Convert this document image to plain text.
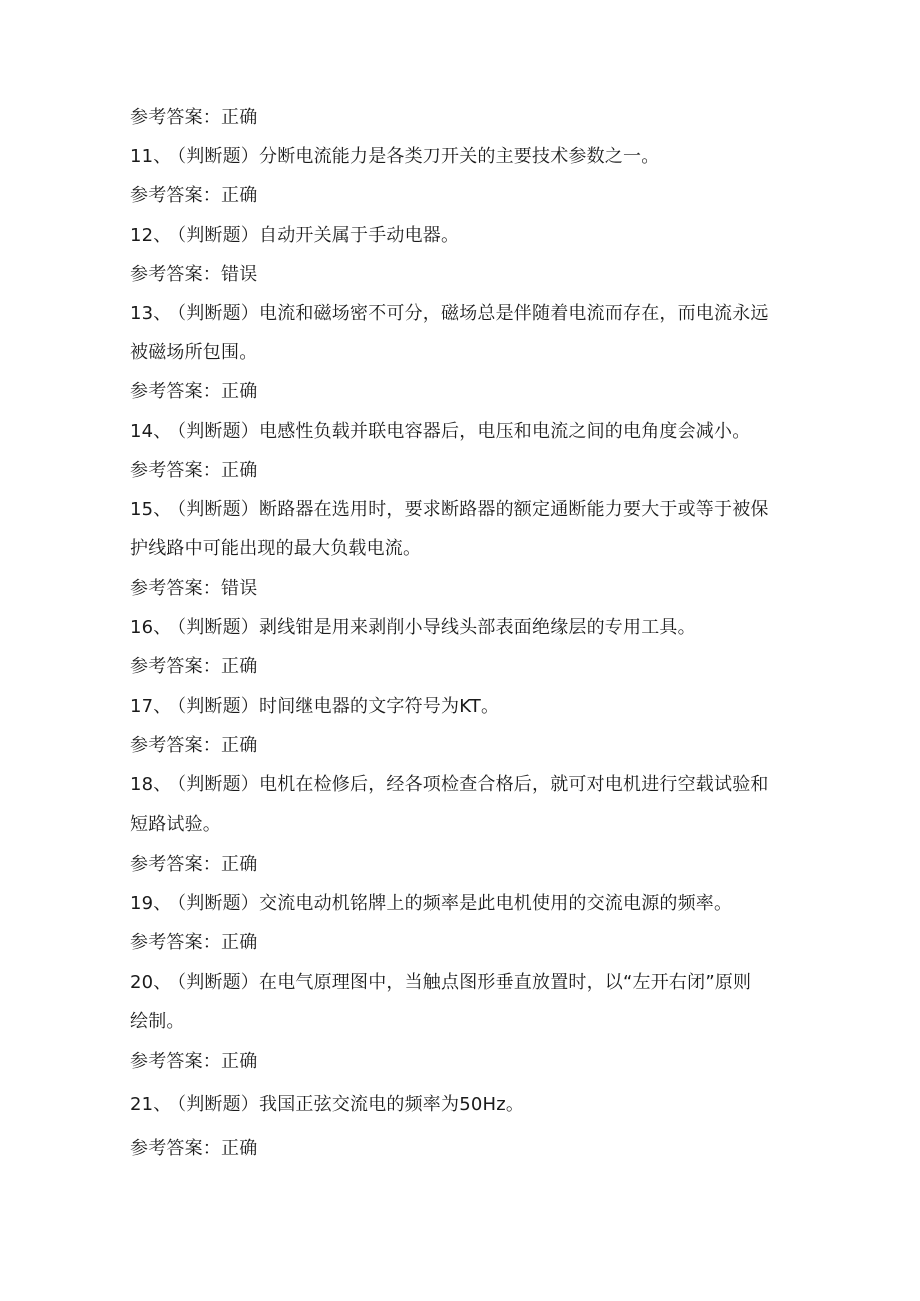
参考答案：正确
11、（判断题）分断电流能力是各类刀开关的主要技术参数之一。
参考答案：正确
12、（判断题）自动开关属于手动电器。
参考答案：错误
13、（判断题）电流和磁场密不可分，磁场总是伴随着电流而存在，而电流永远
被磁场所包围。
参考答案：正确
14、（判断题）电感性负载并联电容器后，电压和电流之间的电角度会减小。
参考答案：正确
15、（判断题）断路器在选用时，要求断路器的额定通断能力要大于或等于被保
护线路中可能出现的最大负载电流。
参考答案：错误
16、（判断题）剥线钳是用来剥削小导线头部表面绝缘层的专用工具。
参考答案：正确
17、（判断题）时间继电器的文字符号为KT。
参考答案：正确
18、（判断题）电机在检修后，经各项检查合格后，就可对电机进行空载试验和
短路试验。
参考答案：正确
19、（判断题）交流电动机铭牌上的频率是此电机使用的交流电源的频率。
参考答案：正确
20、（判断题）在电气原理图中，当触点图形垂直放置时，以“左开右闭”原则
绘制。
参考答案：正确
21、（判断题）我国正弦交流电的频率为50Hz。
参考答案：正确
